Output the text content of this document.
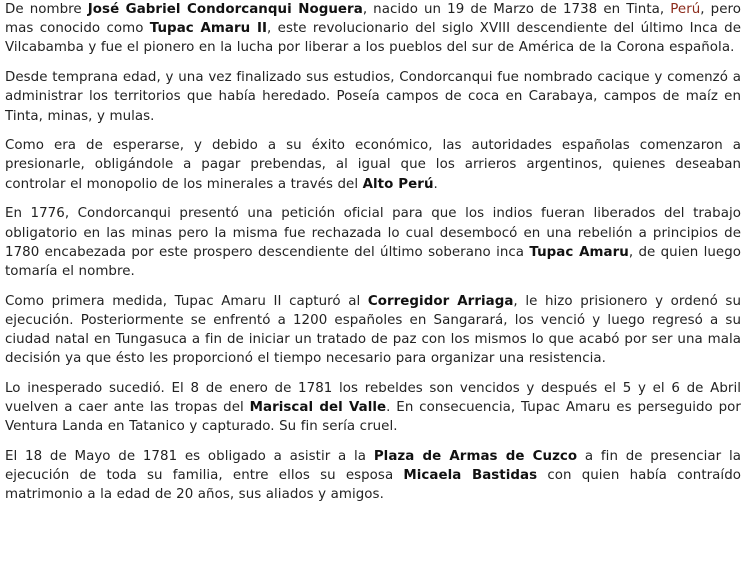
De nombre José Gabriel Condorcanqui Noguera, nacido un 19 de Marzo de 1738 en Tinta, Perú, pero mas conocido como Tupac Amaru II, este revolucionario del siglo XVIII descendiente del último Inca de Vilcabamba y fue el pionero en la lucha por liberar a los pueblos del sur de América de la Corona española.

Desde temprana edad, y una vez finalizado sus estudios, Condorcanqui fue nombrado cacique y comenzó a administrar los territorios que había heredado. Poseía campos de coca en Carabaya, campos de maíz en Tinta, minas, y mulas.

Como era de esperarse, y debido a su éxito económico, las autoridades españolas comenzaron a presionarle, obligándole a pagar prebendas, al igual que los arrieros argentinos, quienes deseaban controlar el monopolio de los minerales a través del Alto Perú.

En 1776, Condorcanqui presentó una petición oficial para que los indios fueran liberados del trabajo obligatorio en las minas pero la misma fue rechazada lo cual desembocó en una rebelión a principios de 1780 encabezada por este prospero descendiente del último soberano inca Tupac Amaru, de quien luego tomaría el nombre.

Como primera medida, Tupac Amaru II capturó al Corregidor Arriaga, le hizo prisionero y ordenó su ejecución. Posteriormente se enfrentó a 1200 españoles en Sangarará, los venció y luego regresó a su ciudad natal en Tungasuca a fin de iniciar un tratado de paz con los mismos lo que acabó por ser una mala decisión ya que ésto les proporcionó el tiempo necesario para organizar una resistencia.

Lo inesperado sucedió. El 8 de enero de 1781 los rebeldes son vencidos y después el 5 y el 6 de Abril vuelven a caer ante las tropas del Mariscal del Valle. En consecuencia, Tupac Amaru es perseguido por Ventura Landa en Tatanico y capturado. Su fin sería cruel.

El 18 de Mayo de 1781 es obligado a asistir a la Plaza de Armas de Cuzco a fin de presenciar la ejecución de toda su familia, entre ellos su esposa Micaela Bastidas con quien había contraído matrimonio a la edad de 20 años, sus aliados y amigos.
